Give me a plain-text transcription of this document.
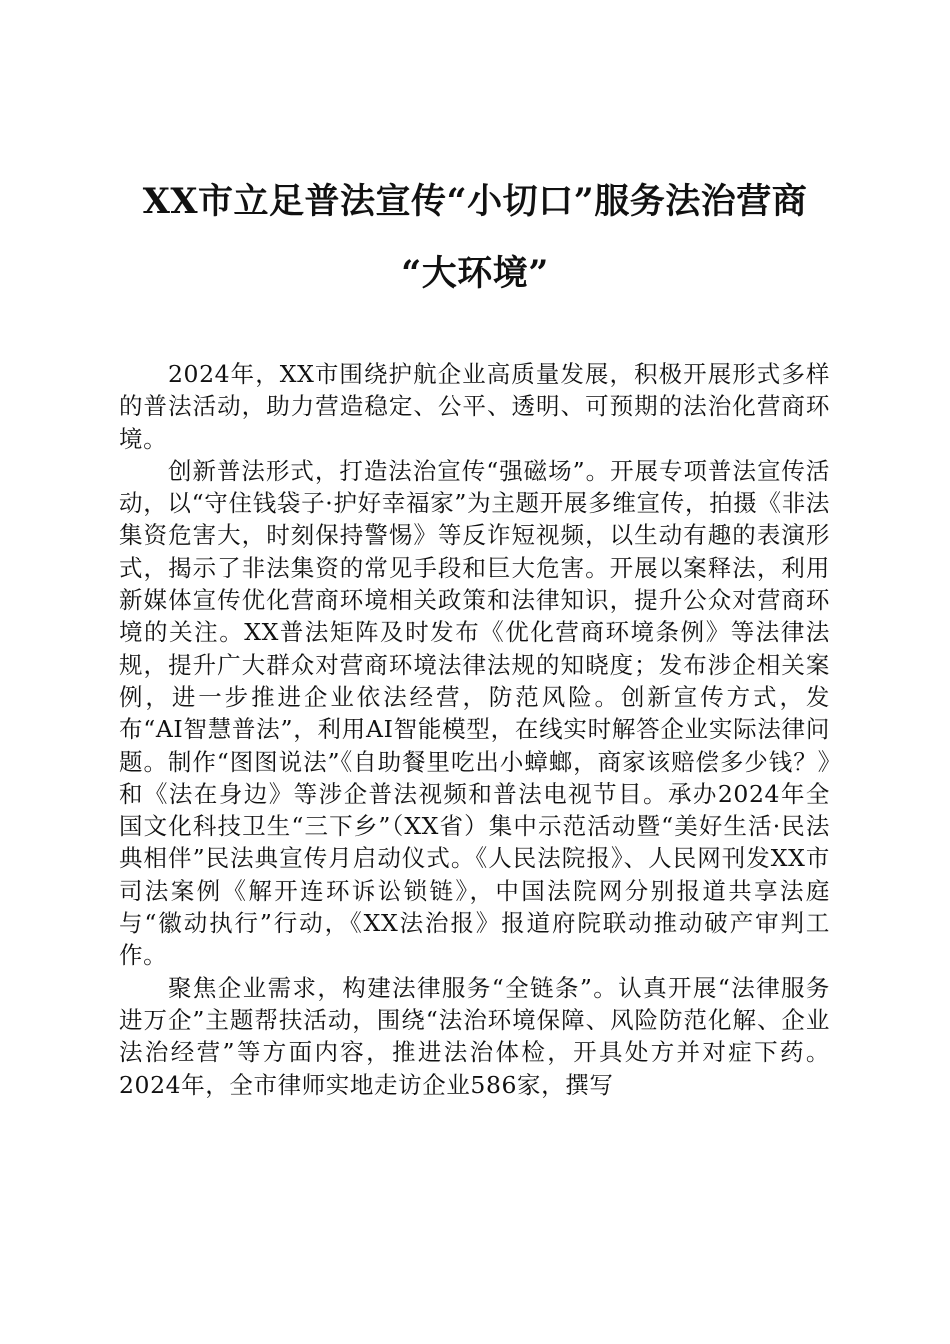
XX市立足普法宣传“小切口”服务法治营商
“大环境”

2024年，XX市围绕护航企业高质量发展，积极开展形式多样的普法活动，助力营造稳定、公平、透明、可预期的法治化营商环境。

创新普法形式，打造法治宣传“强磁场”。开展专项普法宣传活动，以“守住钱袋子·护好幸福家”为主题开展多维宣传，拍摄《非法集资危害大，时刻保持警惕》等反诈短视频，以生动有趣的表演形式，揭示了非法集资的常见手段和巨大危害。开展以案释法，利用新媒体宣传优化营商环境相关政策和法律知识，提升公众对营商环境的关注。XX普法矩阵及时发布《优化营商环境条例》等法律法规，提升广大群众对营商环境法律法规的知晓度；发布涉企相关案例，进一步推进企业依法经营，防范风险。创新宣传方式，发布“AI智慧普法”，利用AI智能模型，在线实时解答企业实际法律问题。制作“图图说法”《自助餐里吃出小蟑螂，商家该赔偿多少钱？》和《法在身边》等涉企普法视频和普法电视节目。承办2024年全国文化科技卫生“三下乡”（XX省）集中示范活动暨“美好生活·民法典相伴”民法典宣传月启动仪式。《人民法院报》、人民网刊发XX市司法案例《解开连环诉讼锁链》，中国法院网分别报道共享法庭与“徽动执行”行动，《XX法治报》报道府院联动推动破产审判工作。

聚焦企业需求，构建法律服务“全链条”。认真开展“法律服务进万企”主题帮扶活动，围绕“法治环境保障、风险防范化解、企业法治经营”等方面内容，推进法治体检，开具处方并对症下药。2024年，全市律师实地走访企业586家，撰写
